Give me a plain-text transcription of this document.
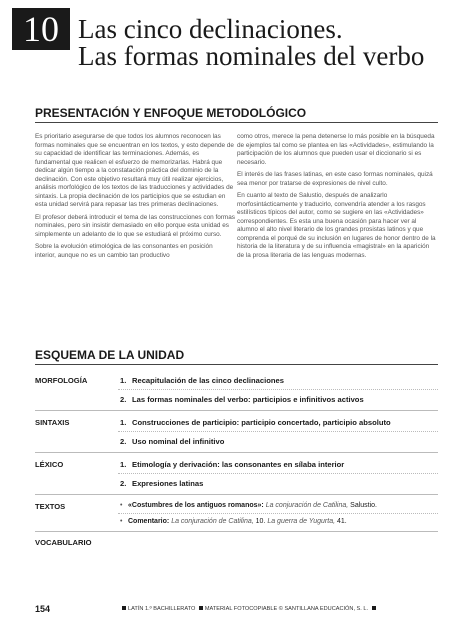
10 Las cinco declinaciones.
Las formas nominales del verbo
PRESENTACIÓN Y ENFOQUE METODOLÓGICO

Es prioritario asegurarse de que todos los alumnos reconocen las formas nominales que se encuentran en los textos, y esto depende de su capacidad de identificar las terminaciones. Además, es fundamental que realicen el esfuerzo de memorizarlas. Habrá que dedicar algún tiempo a la constatación práctica del dominio de la declinación. Con este objetivo resultará muy útil realizar ejercicios, análisis morfológico de los textos de las traducciones y actividades de sintaxis. La propia declinación de los participios que se estudian en esta unidad servirá para repasar las tres primeras declinaciones.

El profesor deberá introducir el tema de las construcciones con formas nominales, pero sin insistir demasiado en ello porque esta unidad es simplemente un adelanto de lo que se estudiará el próximo curso.

Sobre la evolución etimológica de las consonantes en posición interior, aunque no es un cambio tan productivo

como otros, merece la pena detenerse lo más posible en la búsqueda de ejemplos tal como se plantea en las «Actividades», estimulando la participación de los alumnos que pueden usar el diccionario si es necesario.

El interés de las frases latinas, en este caso formas nominales, quizá sea menor por tratarse de expresiones de nivel culto.

En cuanto al texto de Salustio, después de analizarlo morfosintácticamente y traducirlo, convendría atender a los rasgos estilísticos típicos del autor, como se sugiere en las «Actividades» correspondientes. Es esta una buena ocasión para hacer ver al alumno el alto nivel literario de los grandes prosistas latinos y que comprenda el porqué de su inclusión en lugares de honor dentro de la historia de la literatura y de su influencia «magistral» en la aparición de la prosa literaria de las lenguas modernas.

ESQUEMA DE LA UNIDAD
MORFOLOGÍA	1. Recapitulación de las cinco declinaciones
2. Las formas nominales del verbo: participios e infinitivos activos
SINTAXIS	1. Construcciones de participio: participio concertado, participio absoluto
2. Uso nominal del infinitivo
LÉXICO	1. Etimología y derivación: las consonantes en sílaba interior
2. Expresiones latinas
TEXTOS	• «Costumbres de los antiguos romanos»: La conjuración de Catilina, Salustio.
• Comentario: La conjuración de Catilina, 10. La guerra de Yugurta, 41.
VOCABULARIO
154	LATÍN 1.º BACHILLERATO MATERIAL FOTOCOPIABLE © SANTILLANA EDUCACIÓN, S. L.
